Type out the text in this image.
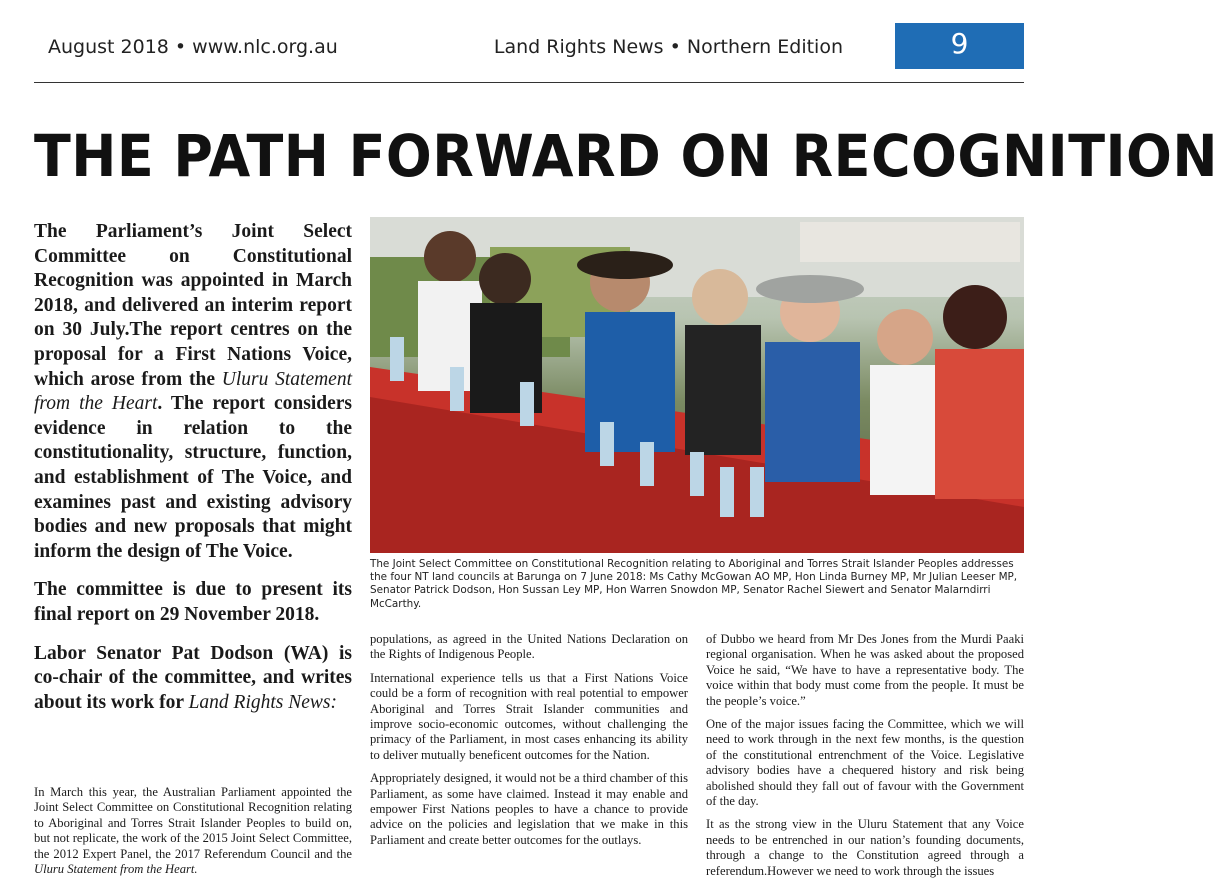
August 2018 • www.nlc.org.au	Land Rights News • Northern Edition	9
THE PATH FORWARD ON RECOGNITION

The Parliament’s Joint Select Committee on Constitutional Recognition was appointed in March 2018, and delivered an interim report on 30 July.The report centres on the proposal for a First Nations Voice, which arose from the Uluru Statement from the Heart. The report considers evidence in relation to the constitutionality, structure, function, and establishment of The Voice, and examines past and existing advisory bodies and new proposals that might inform the design of The Voice.

The committee is due to present its final report on 29 November 2018.

Labor Senator Pat Dodson (WA) is co-chair of the committee, and writes about its work for Land Rights News:

The Joint Select Committee on Constitutional Recognition relating to Aboriginal and Torres Strait Islander Peoples addresses the four NT land councils at Barunga on 7 June 2018: Ms Cathy McGowan AO MP, Hon Linda Burney MP, Mr Julian Leeser MP, Senator Patrick Dodson, Hon Sussan Ley MP, Hon Warren Snowdon MP, Senator Rachel Siewert and Senator Malarndirri McCarthy.

In March this year, the Australian Parliament appointed the Joint Select Committee on Constitutional Recognition relating to Aboriginal and Torres Strait Islander Peoples to build on, but not replicate, the work of the 2015 Joint Select Committee, the 2012 Expert Panel, the 2017 Referendum Council and the Uluru Statement from the Heart.

populations, as agreed in the United Nations Declaration on the Rights of Indigenous People.

International experience tells us that a First Nations Voice could be a form of recognition with real potential to empower Aboriginal and Torres Strait Islander communities and improve socio-economic outcomes, without challenging the primacy of the Parliament, in most cases enhancing its ability to deliver mutually beneficent outcomes for the Nation.

Appropriately designed, it would not be a third chamber of this Parliament, as some have claimed. Instead it may enable and empower First Nations peoples to have a chance to provide advice on the policies and legislation that we make in this Parliament and create better outcomes for the outlays.

of Dubbo we heard from Mr Des Jones from the Murdi Paaki regional organisation. When he was asked about the proposed Voice he said, “We have to have a representative body. The voice within that body must come from the people. It must be the people’s voice.”

One of the major issues facing the Committee, which we will need to work through in the next few months, is the question of the constitutional entrenchment of the Voice. Legislative advisory bodies have a chequered history and risk being abolished should they fall out of favour with the Government of the day.

It as the strong view in the Uluru Statement that any Voice needs to be entrenched in our nation’s founding documents, through a change to the Constitution agreed through a referendum.However we need to work through the issues
